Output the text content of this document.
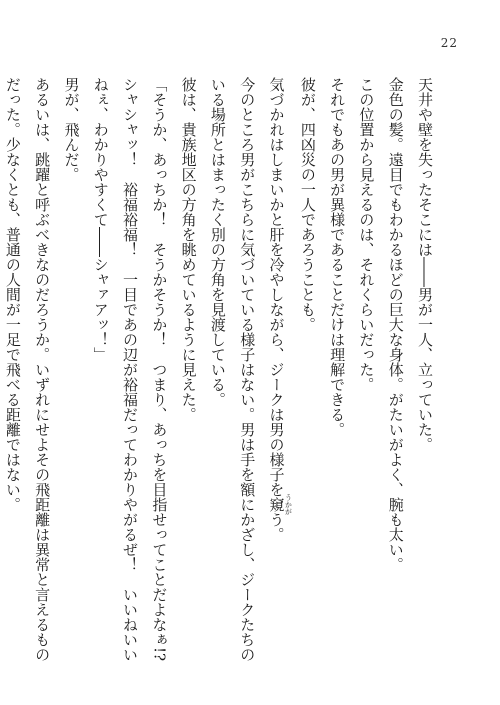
22

天井や壁を失ったそこには――男が一人、立っていた。

金色の髪。遠目でもわかるほどの巨大な身体。がたいがよく、腕も太い。

この位置から見えるのは、それくらいだった。

それでもあの男が異様であることだけは理解できる。

彼が、四凶災の一人であろうことも。

気づかれはしまいかと肝を冷やしながら、ジークは男の様子を窺 うかがう。

今のところ男がこちらに気づいている様子はない。男は手を額にかざし、ジークたちの

いる場所とはまったく別の方角を見渡している。

彼は、貴族地区の方角を眺めているように見えた。

「そうか、あっちか！　そうかそうか！　つまり、あっちを目指せってことだよなぁ!?

シャシャッ！　裕福裕福！　一目であの辺が裕福だってわかりやがるぜ！　いいねいい

ねぇ、わかりやすくて――シャァアッ！」

男が、飛んだ。

あるいは、跳躍と呼ぶべきなのだろうか。いずれにせよその飛距離は異常と言えるもの

だった。少なくとも、普通の人間が一足で飛べる距離ではない。
